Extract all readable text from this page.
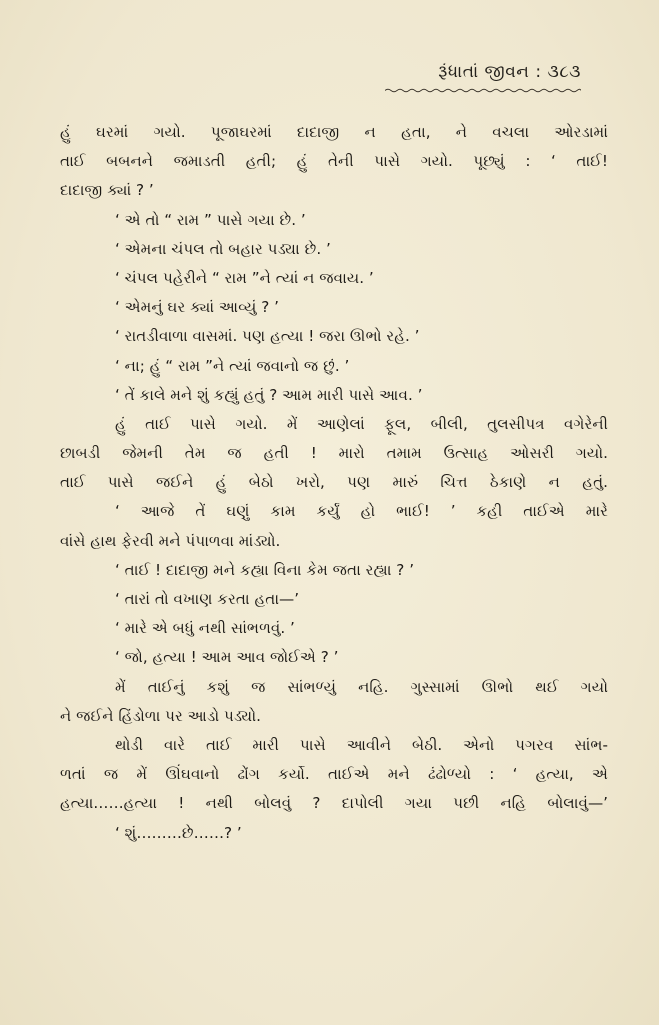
રૂંધાતાં જીવન : ૩૮૩
હું ઘરમાં ગયો. પૂજાઘરમાં દાદાજી ન હતા, ને વચલા ઓરડામાં
તાઈ બબનને જમાડતી હતી; હું તેની પાસે ગયો. પૂછ્યું : ‘ તાઈ!
દાદાજી ક્યાં ? ’
‘ એ તો “ રામ ” પાસે ગયા છે. ’
‘ એમના ચંપલ તો બહાર પડ્યા છે. ’
‘ ચંપલ પહેરીને “ રામ ”ને ત્યાં ન જવાય. ’
‘ એમનું ઘર ક્યાં આવ્યું ? ’
‘ રાતડીવાળા વાસમાં. પણ હત્યા ! જરા ઊભો રહે. ’
‘ ના; હું “ રામ ”ને ત્યાં જવાનો જ છું. ’
‘ તેં કાલે મને શું કહ્યું હતું ? આમ મારી પાસે આવ. ’
હું તાઈ પાસે ગયો. મેં આણેલાં ફૂલ, બીલી, તુલસીપત્ર વગેરેની
છાબડી જેમની તેમ જ હતી ! મારો તમામ ઉત્સાહ ઓસરી ગયો.
તાઈ પાસે જઈને હું બેઠો ખરો, પણ મારું ચિત્ત ઠેકાણે ન હતું.
‘ આજે તેં ઘણું કામ કર્યું હો ભાઈ! ’ કહી તાઈએ મારે
વાંસે હાથ ફેરવી મને પંપાળવા માંડ્યો.
‘ તાઈ ! દાદાજી મને કહ્યા વિના કેમ જતા રહ્યા ? ’
‘ તારાં તો વખાણ કરતા હતા—’
‘ મારે એ બધું નથી સાંભળવું. ’
‘ જો, હત્યા ! આમ આવ જોઈએ ? ’
મેં તાઈનું કશું જ સાંભળ્યું નહિ. ગુસ્સામાં ઊભો થઈ ગયો
ને જઈને હિંડોળા પર આડો પડ્યો.
થોડી વારે તાઈ મારી પાસે આવીને બેઠી. એનો પગરવ સાંભ-
ળતાં જ મેં ઊંઘવાનો ઢોંગ કર્યો. તાઈએ મને ઢંઢોળ્યો : ‘ હત્યા, એ
હત્યા……હત્યા ! નથી બોલવું ? દાપોલી ગયા પછી નહિ બોલાવું—’
‘ શું………છે……? ’
